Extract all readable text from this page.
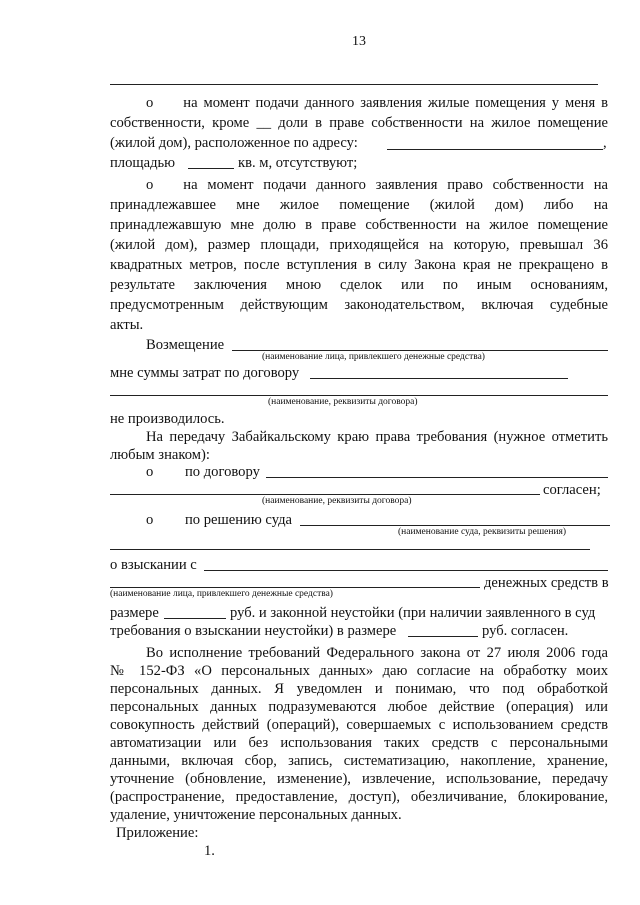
13
o на момент подачи данного заявления жилые помещения у меня в
собственности, кроме __ доли в праве собственности на жилое помещение
(жилой дом), расположенное по адресу:	,
площадью	кв. м, отсутствуют;
o на момент подачи данного заявления право собственности на
принадлежавшее мне жилое помещение (жилой дом) либо на
принадлежавшую мне долю в праве собственности на жилое помещение
(жилой дом), размер площади, приходящейся на которую, превышал 36
квадратных метров, после вступления в силу Закона края не прекращено в
результате заключения мною сделок или по иным основаниям,
предусмотренным действующим законодательством, включая судебные
акты.
Возмещение
(наименование лица, привлекшего денежные средства)
мне суммы затрат по договору
(наименование, реквизиты договора)
не производилось.
На передачу Забайкальскому краю права требования (нужное отметить
любым знаком):
o по договору
согласен;
(наименование, реквизиты договора)
o по решению суда
(наименование суда, реквизиты решения)
о взыскании с
денежных средств в
(наименование лица, привлекшего денежные средства)
размере	руб. и законной неустойки (при наличии заявленного в суд
требования о взыскании неустойки) в размере	руб. согласен.
Во исполнение требований Федерального закона от 27 июля 2006 года
№ 152-ФЗ «О персональных данных» даю согласие на обработку моих
персональных данных. Я уведомлен и понимаю, что под обработкой
персональных данных подразумеваются любое действие (операция) или
совокупность действий (операций), совершаемых с использованием средств
автоматизации или без использования таких средств с персональными
данными, включая сбор, запись, систематизацию, накопление, хранение,
уточнение (обновление, изменение), извлечение, использование, передачу
(распространение, предоставление, доступ), обезличивание, блокирование,
удаление, уничтожение персональных данных.
Приложение:
1.
